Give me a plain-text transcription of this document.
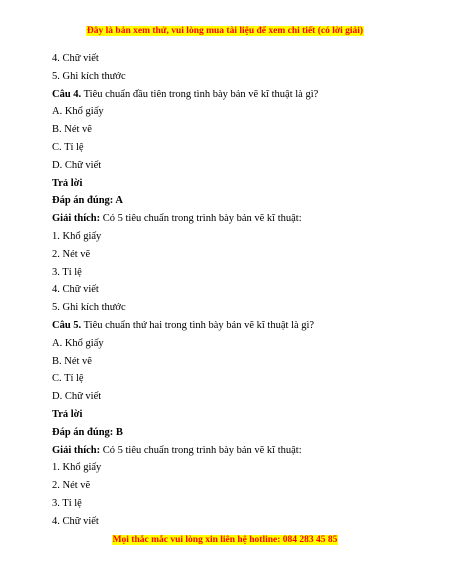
Đây là bản xem thử, vui lòng mua tài liệu để xem chi tiết (có lời giải)

4. Chữ viết

5. Ghi kích thước

Câu 4. Tiêu chuẩn đầu tiên trong tình bày bản vẽ kĩ thuật là gì?

A. Khổ giấy

B. Nét vẽ

C. Tỉ lệ

D. Chữ viết

Trả lời

Đáp án đúng: A

Giải thích: Có 5 tiêu chuẩn trong trình bày bản vẽ kĩ thuật:

1. Khổ giấy

2. Nét vẽ

3. Tỉ lệ

4. Chữ viết

5. Ghi kích thước

Câu 5. Tiêu chuẩn thứ hai trong tình bày bản vẽ kĩ thuật là gì?

A. Khổ giấy

B. Nét vẽ

C. Tỉ lệ

D. Chữ viết

Trả lời

Đáp án đúng: B

Giải thích: Có 5 tiêu chuẩn trong trình bày bản vẽ kĩ thuật:

1. Khổ giấy

2. Nét vẽ

3. Tỉ lệ

4. Chữ viết

Mọi thắc mắc vui lòng xin liên hệ hotline: 084 283 45 85
